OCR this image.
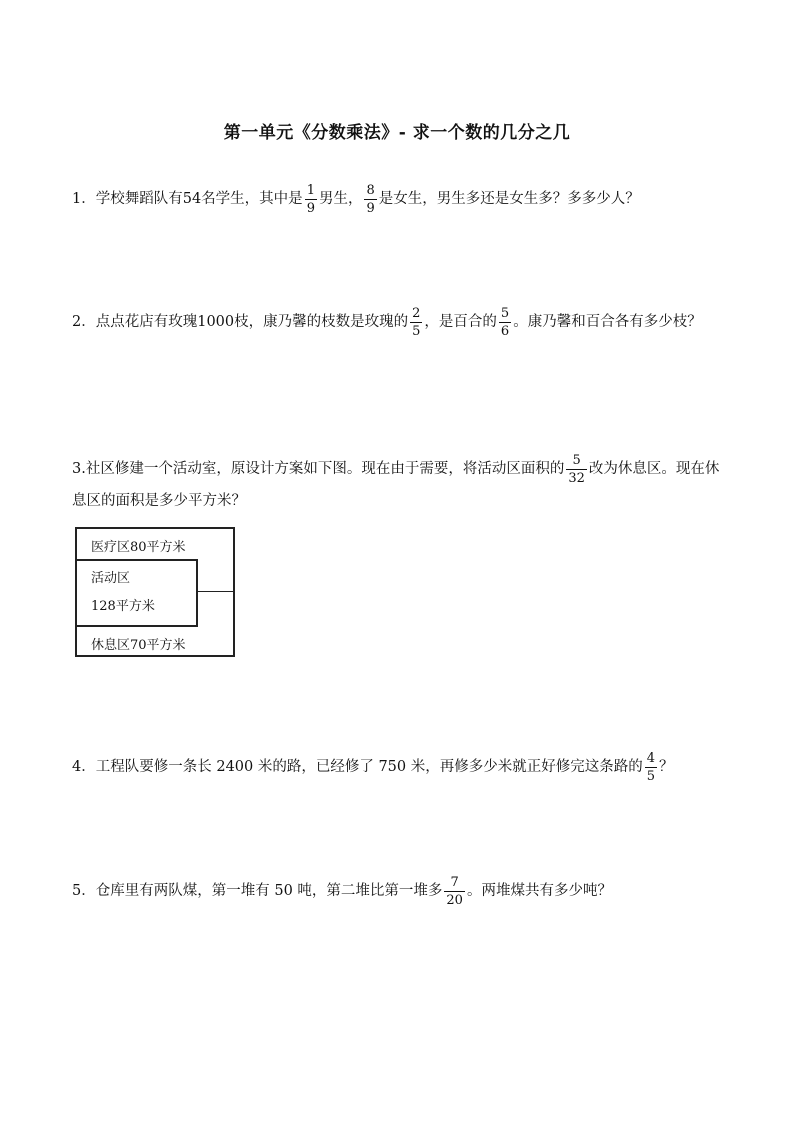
第一单元《分数乘法》- 求一个数的几分之几
1．学校舞蹈队有54名学生，其中是 $\frac{1}{9}$ 男生， $\frac{8}{9}$ 是女生，男生多还是女生多？多多少人？
2．点点花店有玫瑰1000枝，康乃馨的枝数是玫瑰的 $\frac{2}{5}$ ，是百合的 $\frac{5}{6}$ 。康乃馨和百合各有多少枝？
3.社区修建一个活动室，原设计方案如下图。现在由于需要，将活动区面积的 $\frac{5}{32}$ 改为休息区。现在休息区的面积是多少平方米？
医疗区80平方米
活动区
128平方米
休息区70平方米
4．工程队要修一条长 2400 米的路，已经修了 750 米，再修多少米就正好修完这条路的 $\frac{4}{5}$ ？
5．仓库里有两队煤，第一堆有 50 吨，第二堆比第一堆多 $\frac{7}{20}$ 。两堆煤共有多少吨？
